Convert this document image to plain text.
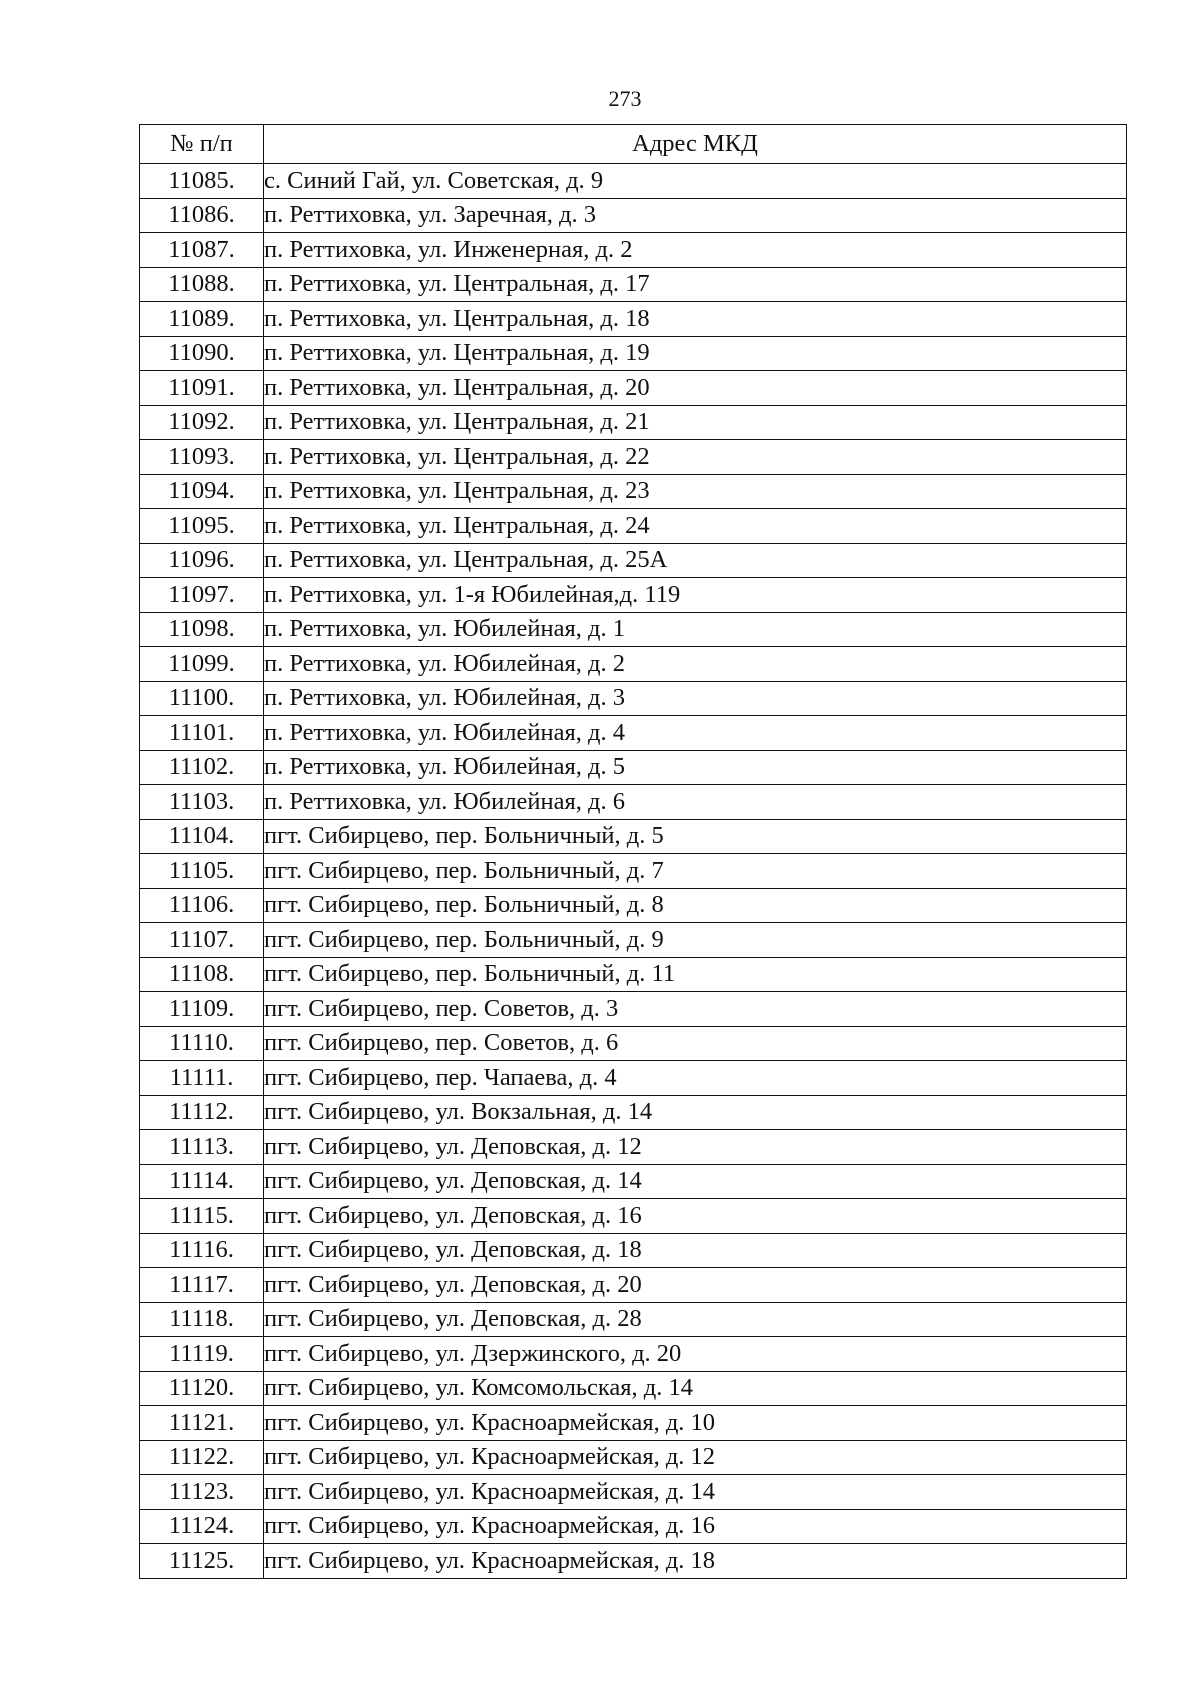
273
№ п/п	Адрес МКД
11085.	с. Синий Гай, ул. Советская, д. 9
11086.	п. Реттиховка, ул. Заречная, д. 3
11087.	п. Реттиховка, ул. Инженерная, д. 2
11088.	п. Реттиховка, ул. Центральная, д. 17
11089.	п. Реттиховка, ул. Центральная, д. 18
11090.	п. Реттиховка, ул. Центральная, д. 19
11091.	п. Реттиховка, ул. Центральная, д. 20
11092.	п. Реттиховка, ул. Центральная, д. 21
11093.	п. Реттиховка, ул. Центральная, д. 22
11094.	п. Реттиховка, ул. Центральная, д. 23
11095.	п. Реттиховка, ул. Центральная, д. 24
11096.	п. Реттиховка, ул. Центральная, д. 25А
11097.	п. Реттиховка, ул. 1-я Юбилейная,д. 119
11098.	п. Реттиховка, ул. Юбилейная, д. 1
11099.	п. Реттиховка, ул. Юбилейная, д. 2
11100.	п. Реттиховка, ул. Юбилейная, д. 3
11101.	п. Реттиховка, ул. Юбилейная, д. 4
11102.	п. Реттиховка, ул. Юбилейная, д. 5
11103.	п. Реттиховка, ул. Юбилейная, д. 6
11104.	пгт. Сибирцево, пер. Больничный, д. 5
11105.	пгт. Сибирцево, пер. Больничный, д. 7
11106.	пгт. Сибирцево, пер. Больничный, д. 8
11107.	пгт. Сибирцево, пер. Больничный, д. 9
11108.	пгт. Сибирцево, пер. Больничный, д. 11
11109.	пгт. Сибирцево, пер. Советов, д. 3
11110.	пгт. Сибирцево, пер. Советов, д. 6
11111.	пгт. Сибирцево, пер. Чапаева, д. 4
11112.	пгт. Сибирцево, ул. Вокзальная, д. 14
11113.	пгт. Сибирцево, ул. Деповская, д. 12
11114.	пгт. Сибирцево, ул. Деповская, д. 14
11115.	пгт. Сибирцево, ул. Деповская, д. 16
11116.	пгт. Сибирцево, ул. Деповская, д. 18
11117.	пгт. Сибирцево, ул. Деповская, д. 20
11118.	пгт. Сибирцево, ул. Деповская, д. 28
11119.	пгт. Сибирцево, ул. Дзержинского, д. 20
11120.	пгт. Сибирцево, ул. Комсомольская, д. 14
11121.	пгт. Сибирцево, ул. Красноармейская, д. 10
11122.	пгт. Сибирцево, ул. Красноармейская, д. 12
11123.	пгт. Сибирцево, ул. Красноармейская, д. 14
11124.	пгт. Сибирцево, ул. Красноармейская, д. 16
11125.	пгт. Сибирцево, ул. Красноармейская, д. 18
